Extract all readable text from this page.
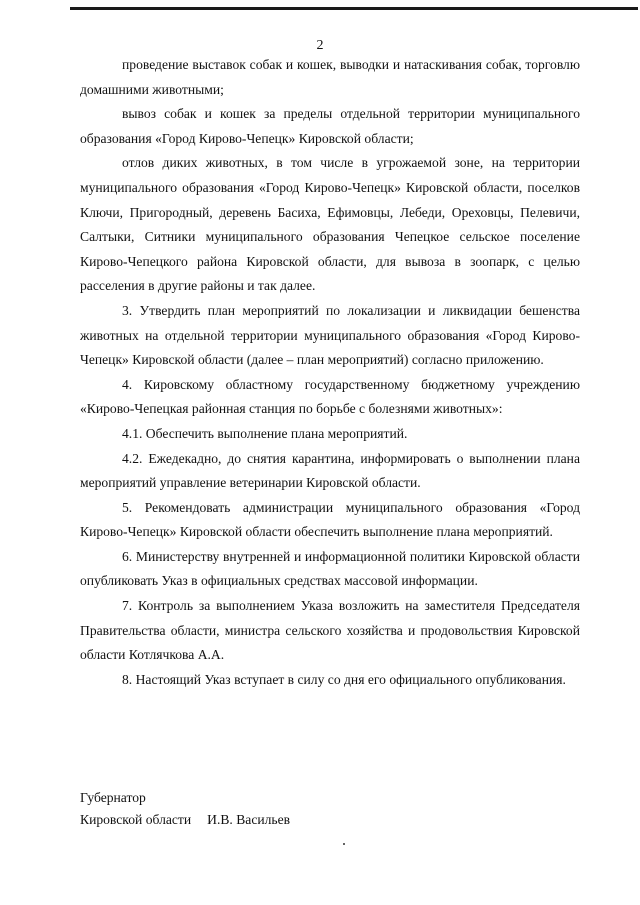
2

проведение выставок собак и кошек, выводки и натаскивания собак, торговлю домашними животными;

вывоз собак и кошек за пределы отдельной территории муниципального образования «Город Кирово-Чепецк» Кировской области;

отлов диких животных, в том числе в угрожаемой зоне, на территории муниципального образования «Город Кирово-Чепецк» Кировской области, поселков Ключи, Пригородный, деревень Басиха, Ефимовцы, Лебеди, Ореховцы, Пелевичи, Салтыки, Ситники муниципального образования Чепецкое сельское поселение Кирово-Чепецкого района Кировской области, для вывоза в зоопарк, с целью расселения в другие районы и так далее.

3. Утвердить план мероприятий по локализации и ликвидации бешенства животных на отдельной территории муниципального образования «Город Кирово-Чепецк» Кировской области (далее – план мероприятий) согласно приложению.

4. Кировскому областному государственному бюджетному учреждению «Кирово-Чепецкая районная станция по борьбе с болезнями животных»:

4.1. Обеспечить выполнение плана мероприятий.

4.2. Ежедекадно, до снятия карантина, информировать о выполнении плана мероприятий управление ветеринарии Кировской области.

5. Рекомендовать администрации муниципального образования «Город Кирово-Чепецк» Кировской области обеспечить выполнение плана мероприятий.

6. Министерству внутренней и информационной политики Кировской области опубликовать Указ в официальных средствах массовой информации.

7. Контроль за выполнением Указа возложить на заместителя Председателя Правительства области, министра сельского хозяйства и продовольствия Кировской области Котлячкова А.А.

8. Настоящий Указ вступает в силу со дня его официального опубликования.

Губернатор
Кировской области И.В. Васильев
